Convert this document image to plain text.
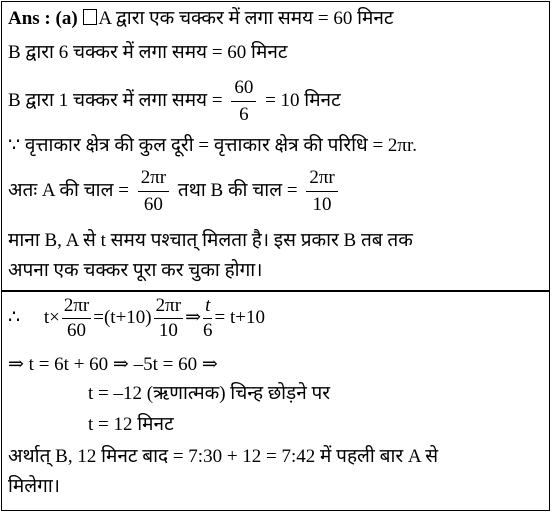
Ans : (a) A द्वारा एक चक्कर में लगा समय = 60 मिनट
B द्वारा 6 चक्कर में लगा समय = 60 मिनट
B द्वारा 1 चक्कर में लगा समय = $\frac{60}{6} = 10$ मिनट
∵ वृत्ताकार क्षेत्र की कुल दूरी = वृत्ताकार क्षेत्र की परिधि = 2πr.
अतः A की चाल = $\frac{2\pi r}{60}$ तथा B की चाल = $\frac{2\pi r}{10}$
माना B, A से t समय पश्चात् मिलता है। इस प्रकार B तब तक
अपना एक चक्कर पूरा कर चुका होगा।
∴ $t\times \frac{2\pi r}{60} =(t+10) \frac{2\pi r}{10}$ ⇒ $\frac{t}{6} = t+10$
⇒ t = 6t + 60 ⇒ –5t = 60 ⇒
t = –12 (ऋणात्मक) चिन्ह छोड़ने पर
t = 12 मिनट
अर्थात् B, 12 मिनट बाद = 7:30 + 12 = 7:42 में पहली बार A से
मिलेगा।
